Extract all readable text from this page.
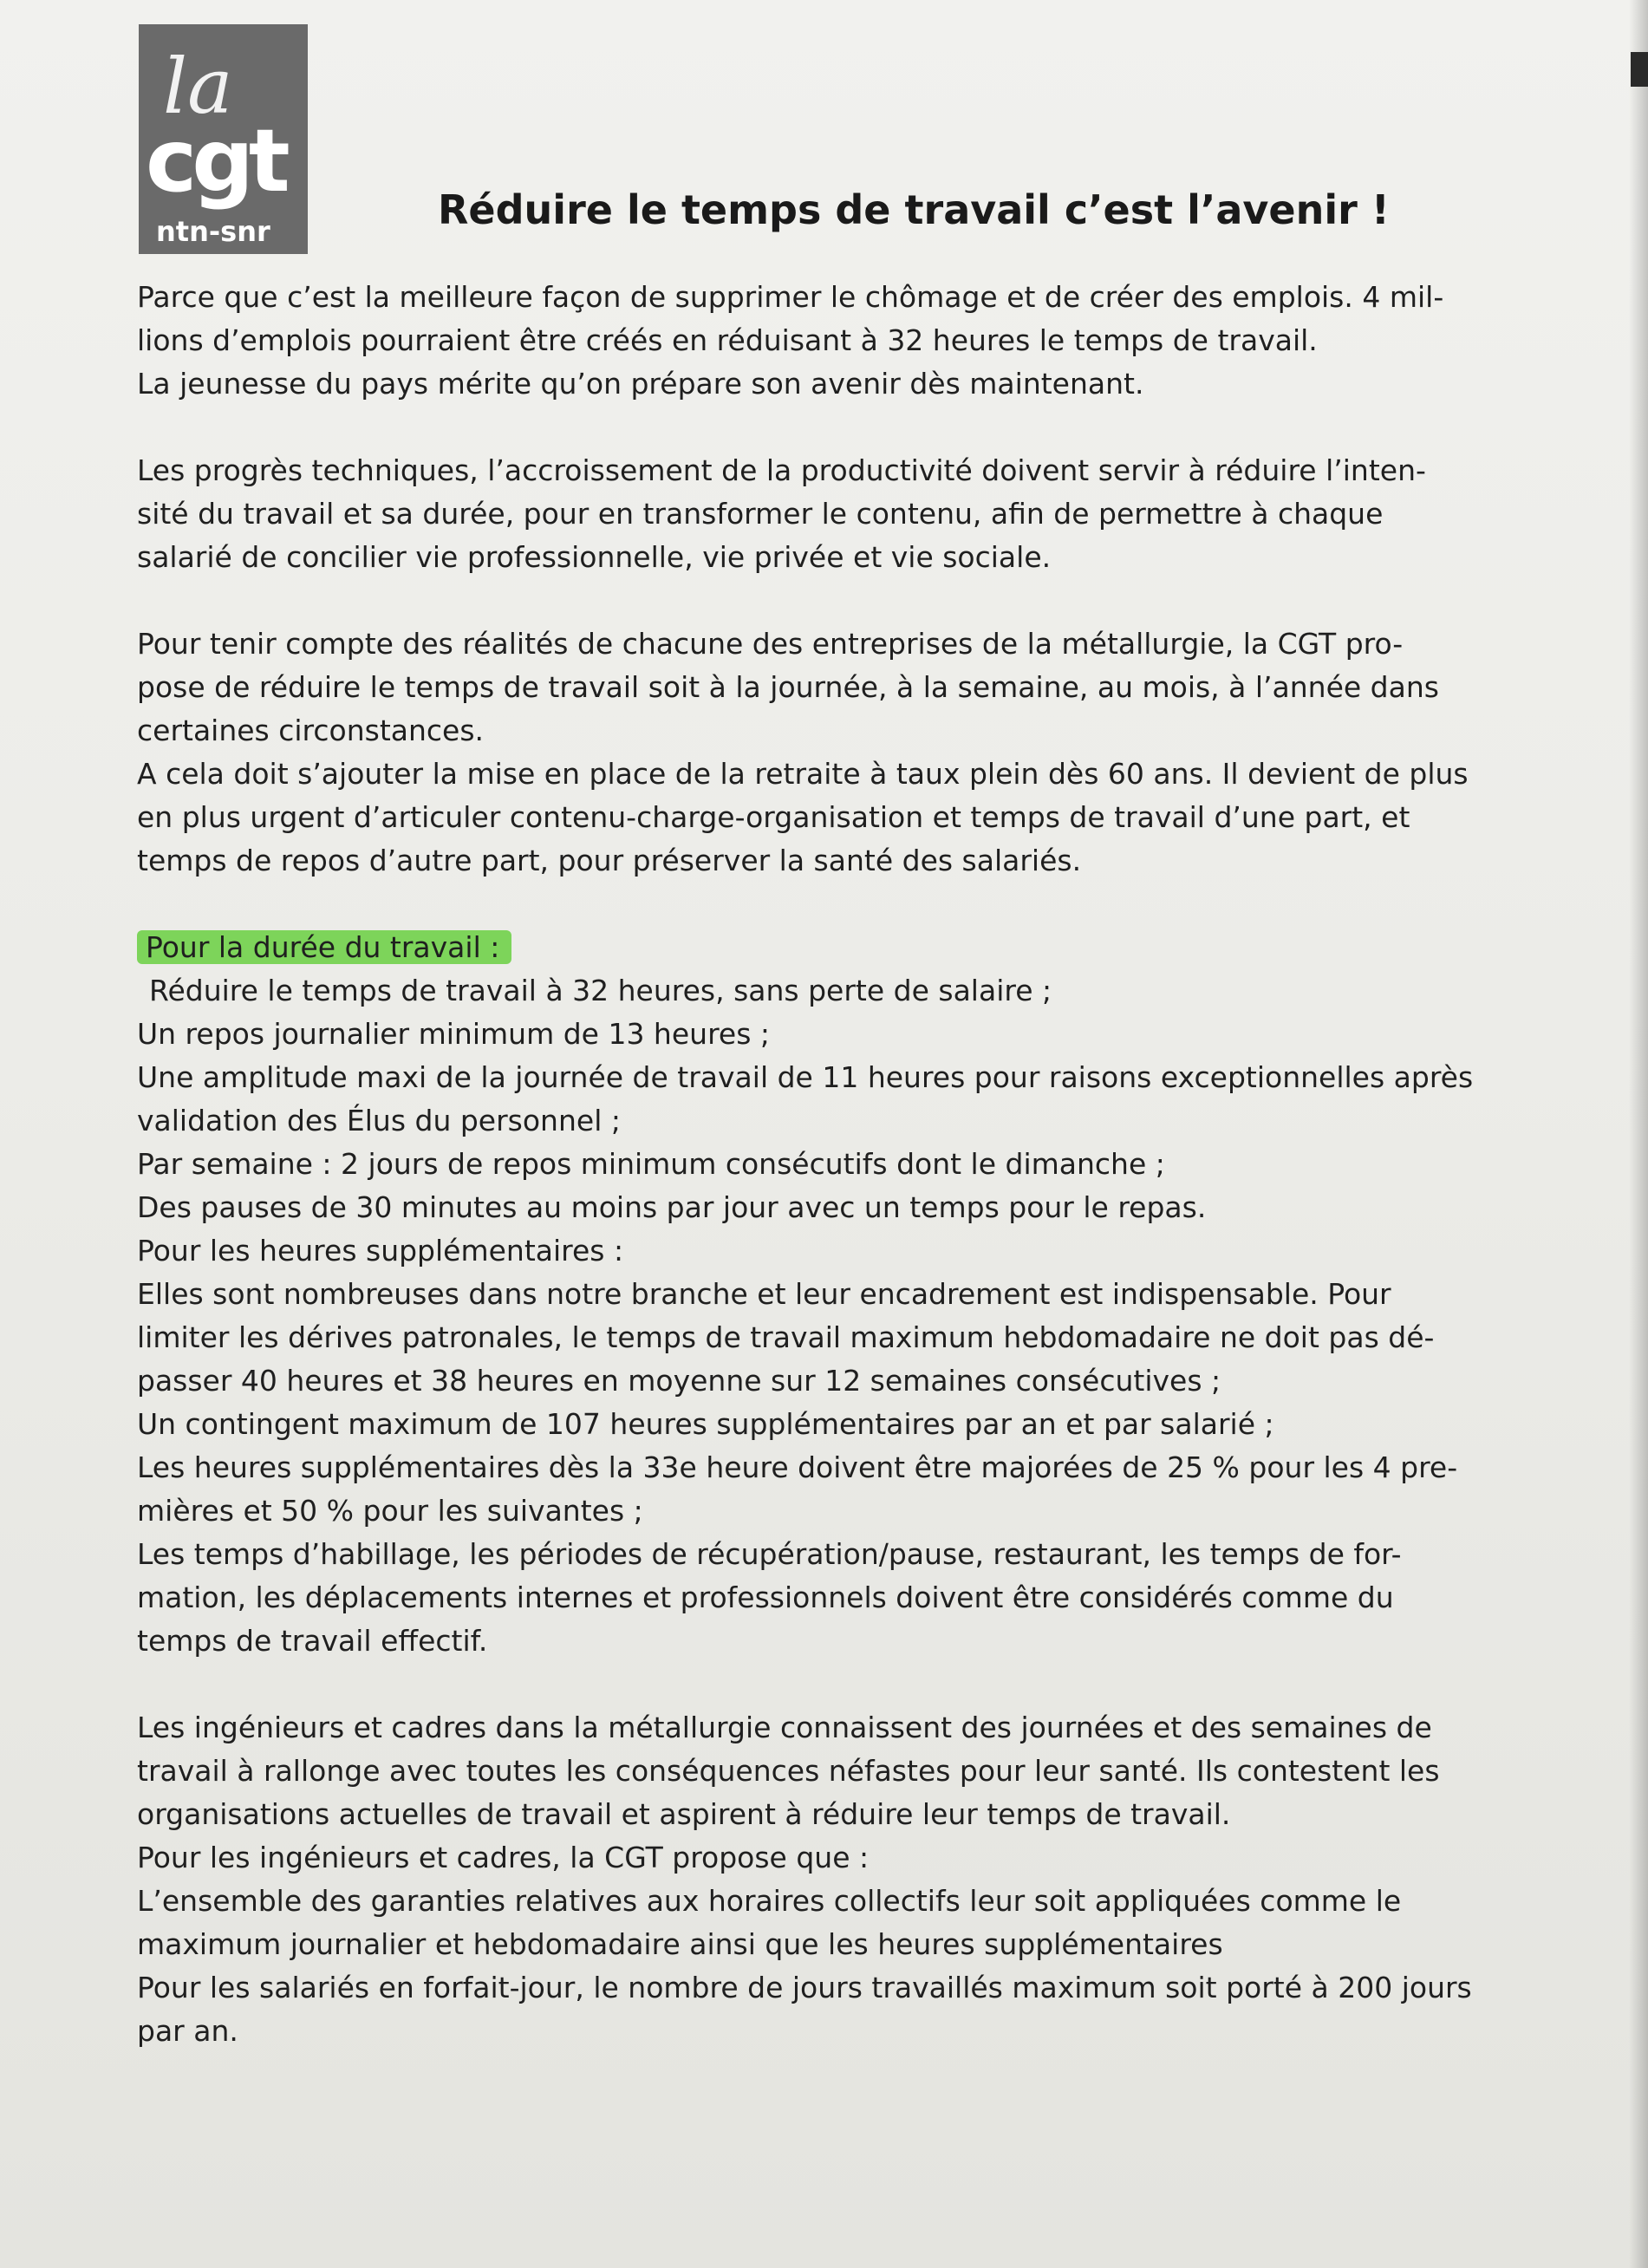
la
cgt
ntn-snr	Réduire le temps de travail c’est l’avenir !
Parce que c’est la meilleure façon de supprimer le chômage et de créer des emplois. 4 mil-
lions d’emplois pourraient être créés en réduisant à 32 heures le temps de travail.
La jeunesse du pays mérite qu’on prépare son avenir dès maintenant.
Les progrès techniques, l’accroissement de la productivité doivent servir à réduire l’inten-
sité du travail et sa durée, pour en transformer le contenu, afin de permettre à chaque
salarié de concilier vie professionnelle, vie privée et vie sociale.
Pour tenir compte des réalités de chacune des entreprises de la métallurgie, la CGT pro-
pose de réduire le temps de travail soit à la journée, à la semaine, au mois, à l’année dans
certaines circonstances.
A cela doit s’ajouter la mise en place de la retraite à taux plein dès 60 ans. Il devient de plus
en plus urgent d’articuler contenu-charge-organisation et temps de travail d’une part, et
temps de repos d’autre part, pour préserver la santé des salariés.
Pour la durée du travail :
Réduire le temps de travail à 32 heures, sans perte de salaire ;
Un repos journalier minimum de 13 heures ;
Une amplitude maxi de la journée de travail de 11 heures pour raisons exceptionnelles après
validation des Élus du personnel ;
Par semaine : 2 jours de repos minimum consécutifs dont le dimanche ;
Des pauses de 30 minutes au moins par jour avec un temps pour le repas.
Pour les heures supplémentaires :
Elles sont nombreuses dans notre branche et leur encadrement est indispensable. Pour
limiter les dérives patronales, le temps de travail maximum hebdomadaire ne doit pas dé-
passer 40 heures et 38 heures en moyenne sur 12 semaines consécutives ;
Un contingent maximum de 107 heures supplémentaires par an et par salarié ;
Les heures supplémentaires dès la 33e heure doivent être majorées de 25 % pour les 4 pre-
mières et 50 % pour les suivantes ;
Les temps d’habillage, les périodes de récupération/pause, restaurant, les temps de for-
mation, les déplacements internes et professionnels doivent être considérés comme du
temps de travail effectif.
Les ingénieurs et cadres dans la métallurgie connaissent des journées et des semaines de
travail à rallonge avec toutes les conséquences néfastes pour leur santé. Ils contestent les
organisations actuelles de travail et aspirent à réduire leur temps de travail.
Pour les ingénieurs et cadres, la CGT propose que :
L’ensemble des garanties relatives aux horaires collectifs leur soit appliquées comme le
maximum journalier et hebdomadaire ainsi que les heures supplémentaires
Pour les salariés en forfait-jour, le nombre de jours travaillés maximum soit porté à 200 jours
par an.
